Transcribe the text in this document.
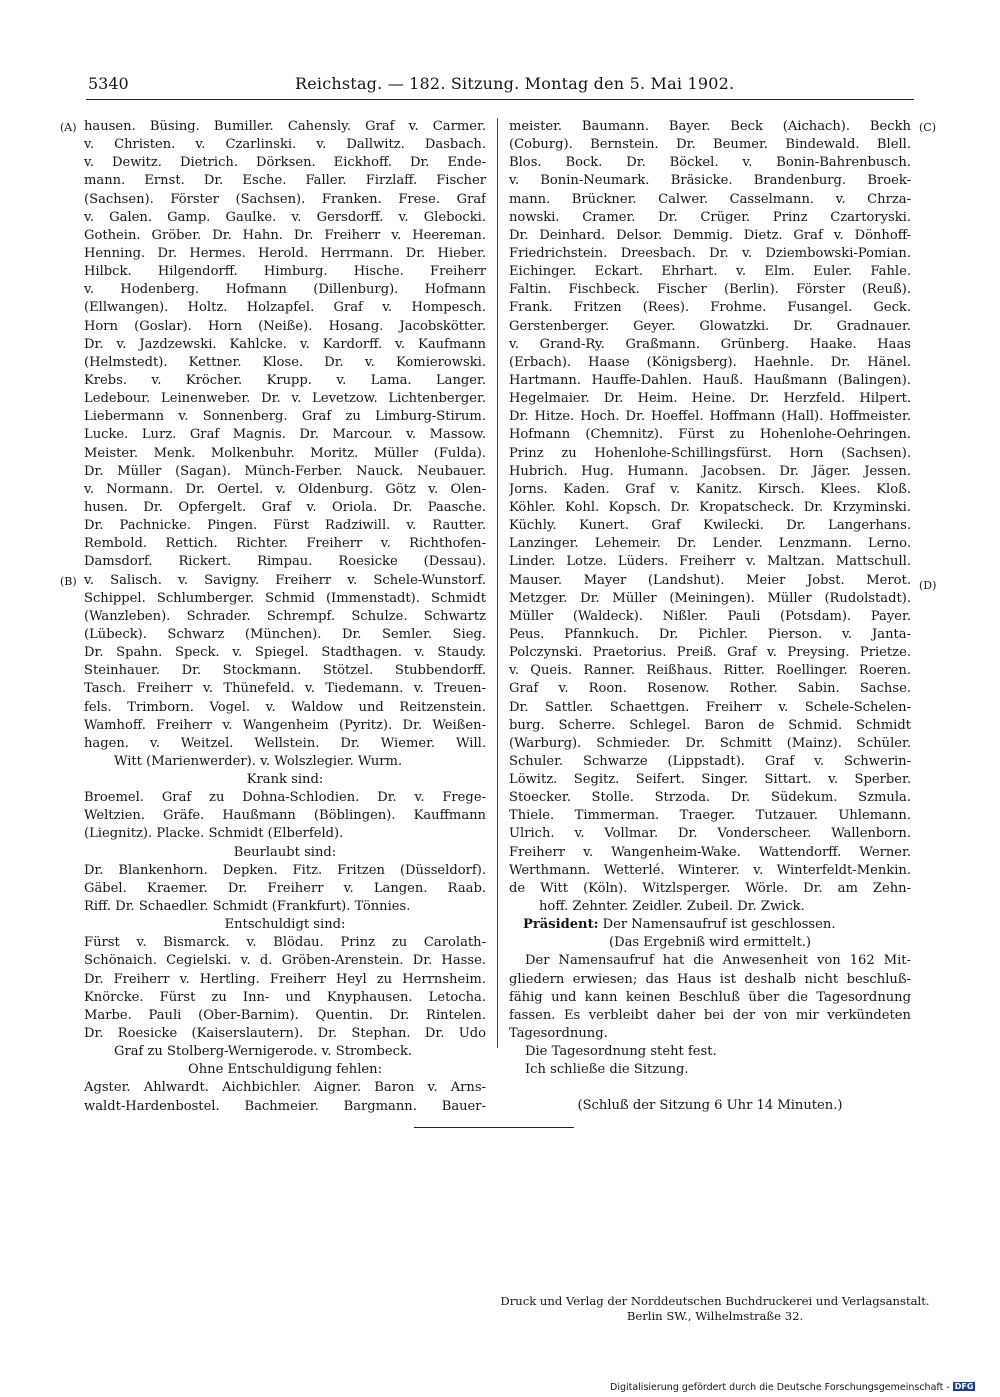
5340	Reichstag. — 182. Sitzung. Montag den 5. Mai 1902.
(A)
(B)
(C)
(D)
hausen. Büsing. Bumiller. Cahensly. Graf v. Carmer.
v. Christen. v. Czarlinski. v. Dallwitz. Dasbach.
v. Dewitz. Dietrich. Dörksen. Eickhoff. Dr. Ende-
mann. Ernst. Dr. Esche. Faller. Firzlaff. Fischer
(Sachsen). Förster (Sachsen). Franken. Frese. Graf
v. Galen. Gamp. Gaulke. v. Gersdorff. v. Glebocki.
Gothein. Gröber. Dr. Hahn. Dr. Freiherr v. Heereman.
Henning. Dr. Hermes. Herold. Herrmann. Dr. Hieber.
Hilbck. Hilgendorff. Himburg. Hische. Freiherr
v. Hodenberg. Hofmann (Dillenburg). Hofmann
(Ellwangen). Holtz. Holzapfel. Graf v. Hompesch.
Horn (Goslar). Horn (Neiße). Hosang. Jacobskötter.
Dr. v. Jazdzewski. Kahlcke. v. Kardorff. v. Kaufmann
(Helmstedt). Kettner. Klose. Dr. v. Komierowski.
Krebs. v. Kröcher. Krupp. v. Lama. Langer.
Ledebour. Leinenweber. Dr. v. Levetzow. Lichtenberger.
Liebermann v. Sonnenberg. Graf zu Limburg-Stirum.
Lucke. Lurz. Graf Magnis. Dr. Marcour. v. Massow.
Meister. Menk. Molkenbuhr. Moritz. Müller (Fulda).
Dr. Müller (Sagan). Münch-Ferber. Nauck. Neubauer.
v. Normann. Dr. Oertel. v. Oldenburg. Götz v. Olen-
husen. Dr. Opfergelt. Graf v. Oriola. Dr. Paasche.
Dr. Pachnicke. Pingen. Fürst Radziwill. v. Rautter.
Rembold. Rettich. Richter. Freiherr v. Richthofen-
Damsdorf. Rickert. Rimpau. Roesicke (Dessau).
v. Salisch. v. Savigny. Freiherr v. Schele-Wunstorf.
Schippel. Schlumberger. Schmid (Immenstadt). Schmidt
(Wanzleben). Schrader. Schrempf. Schulze. Schwartz
(Lübeck). Schwarz (München). Dr. Semler. Sieg.
Dr. Spahn. Speck. v. Spiegel. Stadthagen. v. Staudy.
Steinhauer. Dr. Stockmann. Stötzel. Stubbendorff.
Tasch. Freiherr v. Thünefeld. v. Tiedemann. v. Treuen-
fels. Trimborn. Vogel. v. Waldow und Reitzenstein.
Wamhoff. Freiherr v. Wangenheim (Pyritz). Dr. Weißen-
hagen. v. Weitzel. Wellstein. Dr. Wiemer. Will.
Witt (Marienwerder). v. Wolszlegier. Wurm.
Krank sind:
Broemel. Graf zu Dohna-Schlodien. Dr. v. Frege-
Weltzien. Gräfe. Haußmann (Böblingen). Kauffmann
(Liegnitz). Placke. Schmidt (Elberfeld).
Beurlaubt sind:
Dr. Blankenhorn. Depken. Fitz. Fritzen (Düsseldorf).
Gäbel. Kraemer. Dr. Freiherr v. Langen. Raab.
Riff. Dr. Schaedler. Schmidt (Frankfurt). Tönnies.
Entschuldigt sind:
Fürst v. Bismarck. v. Blödau. Prinz zu Carolath-
Schönaich. Cegielski. v. d. Gröben-Arenstein. Dr. Hasse.
Dr. Freiherr v. Hertling. Freiherr Heyl zu Herrnsheim.
Knörcke. Fürst zu Inn- und Knyphausen. Letocha.
Marbe. Pauli (Ober-Barnim). Quentin. Dr. Rintelen.
Dr. Roesicke (Kaiserslautern). Dr. Stephan. Dr. Udo
Graf zu Stolberg-Wernigerode. v. Strombeck.
Ohne Entschuldigung fehlen:
Agster. Ahlwardt. Aichbichler. Aigner. Baron v. Arns-
waldt-Hardenbostel. Bachmeier. Bargmann. Bauer-
meister. Baumann. Bayer. Beck (Aichach). Beckh
(Coburg). Bernstein. Dr. Beumer. Bindewald. Blell.
Blos. Bock. Dr. Böckel. v. Bonin-Bahrenbusch.
v. Bonin-Neumark. Bräsicke. Brandenburg. Broek-
mann. Brückner. Calwer. Casselmann. v. Chrza-
nowski. Cramer. Dr. Crüger. Prinz Czartoryski.
Dr. Deinhard. Delsor. Demmig. Dietz. Graf v. Dönhoff-
Friedrichstein. Dreesbach. Dr. v. Dziembowski-Pomian.
Eichinger. Eckart. Ehrhart. v. Elm. Euler. Fahle.
Faltin. Fischbeck. Fischer (Berlin). Förster (Reuß).
Frank. Fritzen (Rees). Frohme. Fusangel. Geck.
Gerstenberger. Geyer. Glowatzki. Dr. Gradnauer.
v. Grand-Ry. Graßmann. Grünberg. Haake. Haas
(Erbach). Haase (Königsberg). Haehnle. Dr. Hänel.
Hartmann. Hauffe-Dahlen. Hauß. Haußmann (Balingen).
Hegelmaier. Dr. Heim. Heine. Dr. Herzfeld. Hilpert.
Dr. Hitze. Hoch. Dr. Hoeffel. Hoffmann (Hall). Hoffmeister.
Hofmann (Chemnitz). Fürst zu Hohenlohe-Oehringen.
Prinz zu Hohenlohe-Schillingsfürst. Horn (Sachsen).
Hubrich. Hug. Humann. Jacobsen. Dr. Jäger. Jessen.
Jorns. Kaden. Graf v. Kanitz. Kirsch. Klees. Kloß.
Köhler. Kohl. Kopsch. Dr. Kropatscheck. Dr. Krzyminski.
Küchly. Kunert. Graf Kwilecki. Dr. Langerhans.
Lanzinger. Lehemeir. Dr. Lender. Lenzmann. Lerno.
Linder. Lotze. Lüders. Freiherr v. Maltzan. Mattschull.
Mauser. Mayer (Landshut). Meier Jobst. Merot.
Metzger. Dr. Müller (Meiningen). Müller (Rudolstadt).
Müller (Waldeck). Nißler. Pauli (Potsdam). Payer.
Peus. Pfannkuch. Dr. Pichler. Pierson. v. Janta-
Polczynski. Praetorius. Preiß. Graf v. Preysing. Prietze.
v. Queis. Ranner. Reißhaus. Ritter. Roellinger. Roeren.
Graf v. Roon. Rosenow. Rother. Sabin. Sachse.
Dr. Sattler. Schaettgen. Freiherr v. Schele-Schelen-
burg. Scherre. Schlegel. Baron de Schmid. Schmidt
(Warburg). Schmieder. Dr. Schmitt (Mainz). Schüler.
Schuler. Schwarze (Lippstadt). Graf v. Schwerin-
Löwitz. Segitz. Seifert. Singer. Sittart. v. Sperber.
Stoecker. Stolle. Strzoda. Dr. Südekum. Szmula.
Thiele. Timmerman. Traeger. Tutzauer. Uhlemann.
Ulrich. v. Vollmar. Dr. Vonderscheer. Wallenborn.
Freiherr v. Wangenheim-Wake. Wattendorff. Werner.
Werthmann. Wetterlé. Winterer. v. Winterfeldt-Menkin.
de Witt (Köln). Witzlsperger. Wörle. Dr. am Zehn-
hoff. Zehnter. Zeidler. Zubeil. Dr. Zwick.
Präsident: Der Namensaufruf ist geschlossen.
(Das Ergebniß wird ermittelt.)
Der Namensaufruf hat die Anwesenheit von 162 Mit-
gliedern erwiesen; das Haus ist deshalb nicht beschluß-
fähig und kann keinen Beschluß über die Tagesordnung
fassen. Es verbleibt daher bei der von mir verkündeten
Tagesordnung.
Die Tagesordnung steht fest.
Ich schließe die Sitzung.
(Schluß der Sitzung 6 Uhr 14 Minuten.)
Druck und Verlag der Norddeutschen Buchdruckerei und Verlagsanstalt.
Berlin SW., Wilhelmstraße 32.
Digitalisierung gefördert durch die Deutsche Forschungsgemeinschaft - DFG
